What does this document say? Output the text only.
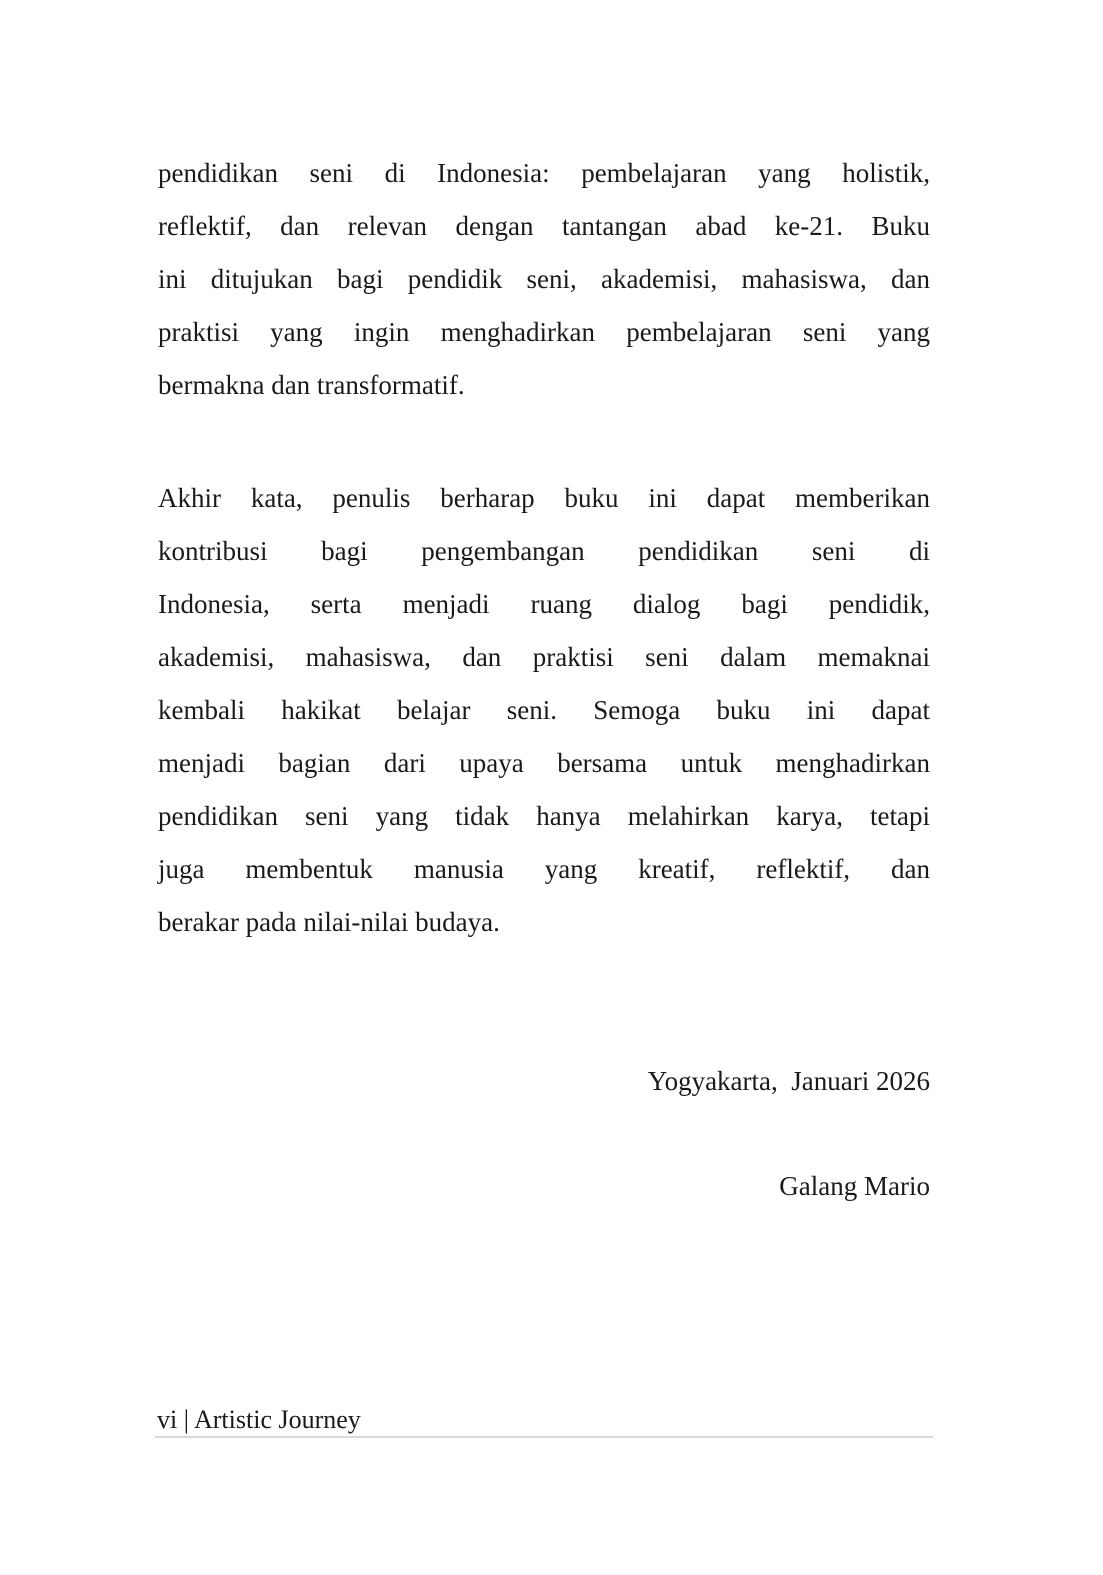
pendidikan seni di Indonesia: pembelajaran yang holistik,
reflektif, dan relevan dengan tantangan abad ke-21. Buku
ini ditujukan bagi pendidik seni, akademisi, mahasiswa, dan
praktisi yang ingin menghadirkan pembelajaran seni yang
bermakna dan transformatif.
Akhir kata, penulis berharap buku ini dapat memberikan
kontribusi bagi pengembangan pendidikan seni di
Indonesia, serta menjadi ruang dialog bagi pendidik,
akademisi, mahasiswa, dan praktisi seni dalam memaknai
kembali hakikat belajar seni. Semoga buku ini dapat
menjadi bagian dari upaya bersama untuk menghadirkan
pendidikan seni yang tidak hanya melahirkan karya, tetapi
juga membentuk manusia yang kreatif, reflektif, dan
berakar pada nilai-nilai budaya.
Yogyakarta,  Januari 2026
Galang Mario
vi | Artistic Journey
